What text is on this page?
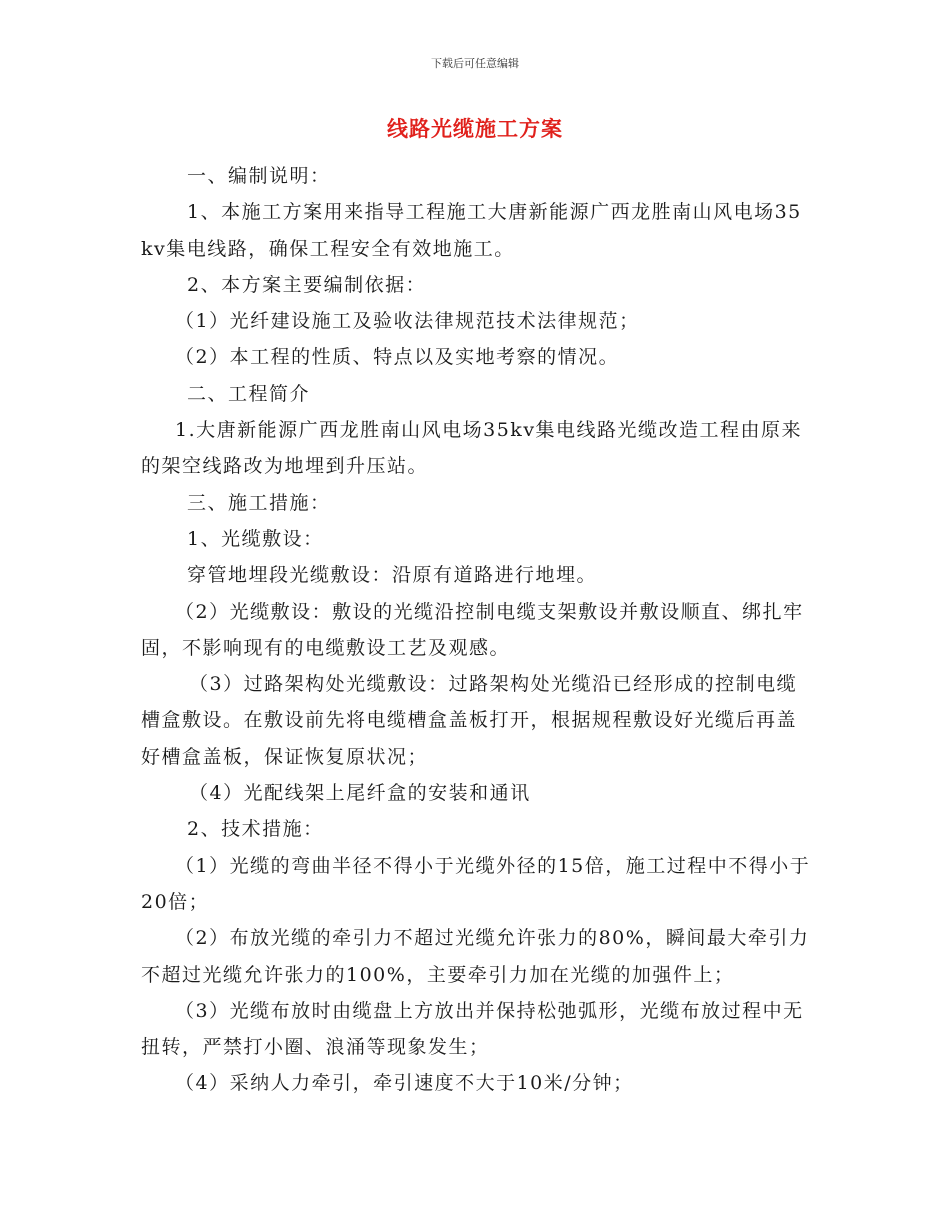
下载后可任意编辑
线路光缆施工方案

一、编制说明：

1、本施工方案用来指导工程施工大唐新能源广西龙胜南山风电场35kv集电线路，确保工程安全有效地施工。

2、本方案主要编制依据：

（1）光纤建设施工及验收法律规范技术法律规范；

（2）本工程的性质、特点以及实地考察的情况。

二、工程简介

1.大唐新能源广西龙胜南山风电场35kv集电线路光缆改造工程由原来的架空线路改为地埋到升压站。

三、施工措施：

1、光缆敷设：

穿管地埋段光缆敷设：沿原有道路进行地埋。

（2）光缆敷设：敷设的光缆沿控制电缆支架敷设并敷设顺直、绑扎牢固，不影响现有的电缆敷设工艺及观感。

（3）过路架构处光缆敷设：过路架构处光缆沿已经形成的控制电缆槽盒敷设。在敷设前先将电缆槽盒盖板打开，根据规程敷设好光缆后再盖好槽盒盖板，保证恢复原状况；

（4）光配线架上尾纤盒的安装和通讯

2、技术措施：

（1）光缆的弯曲半径不得小于光缆外径的15倍，施工过程中不得小于20倍；

（2）布放光缆的牵引力不超过光缆允许张力的80%，瞬间最大牵引力不超过光缆允许张力的100%，主要牵引力加在光缆的加强件上；

（3）光缆布放时由缆盘上方放出并保持松弛弧形，光缆布放过程中无扭转，严禁打小圈、浪涌等现象发生；

（4）采纳人力牵引，牵引速度不大于10米/分钟；
